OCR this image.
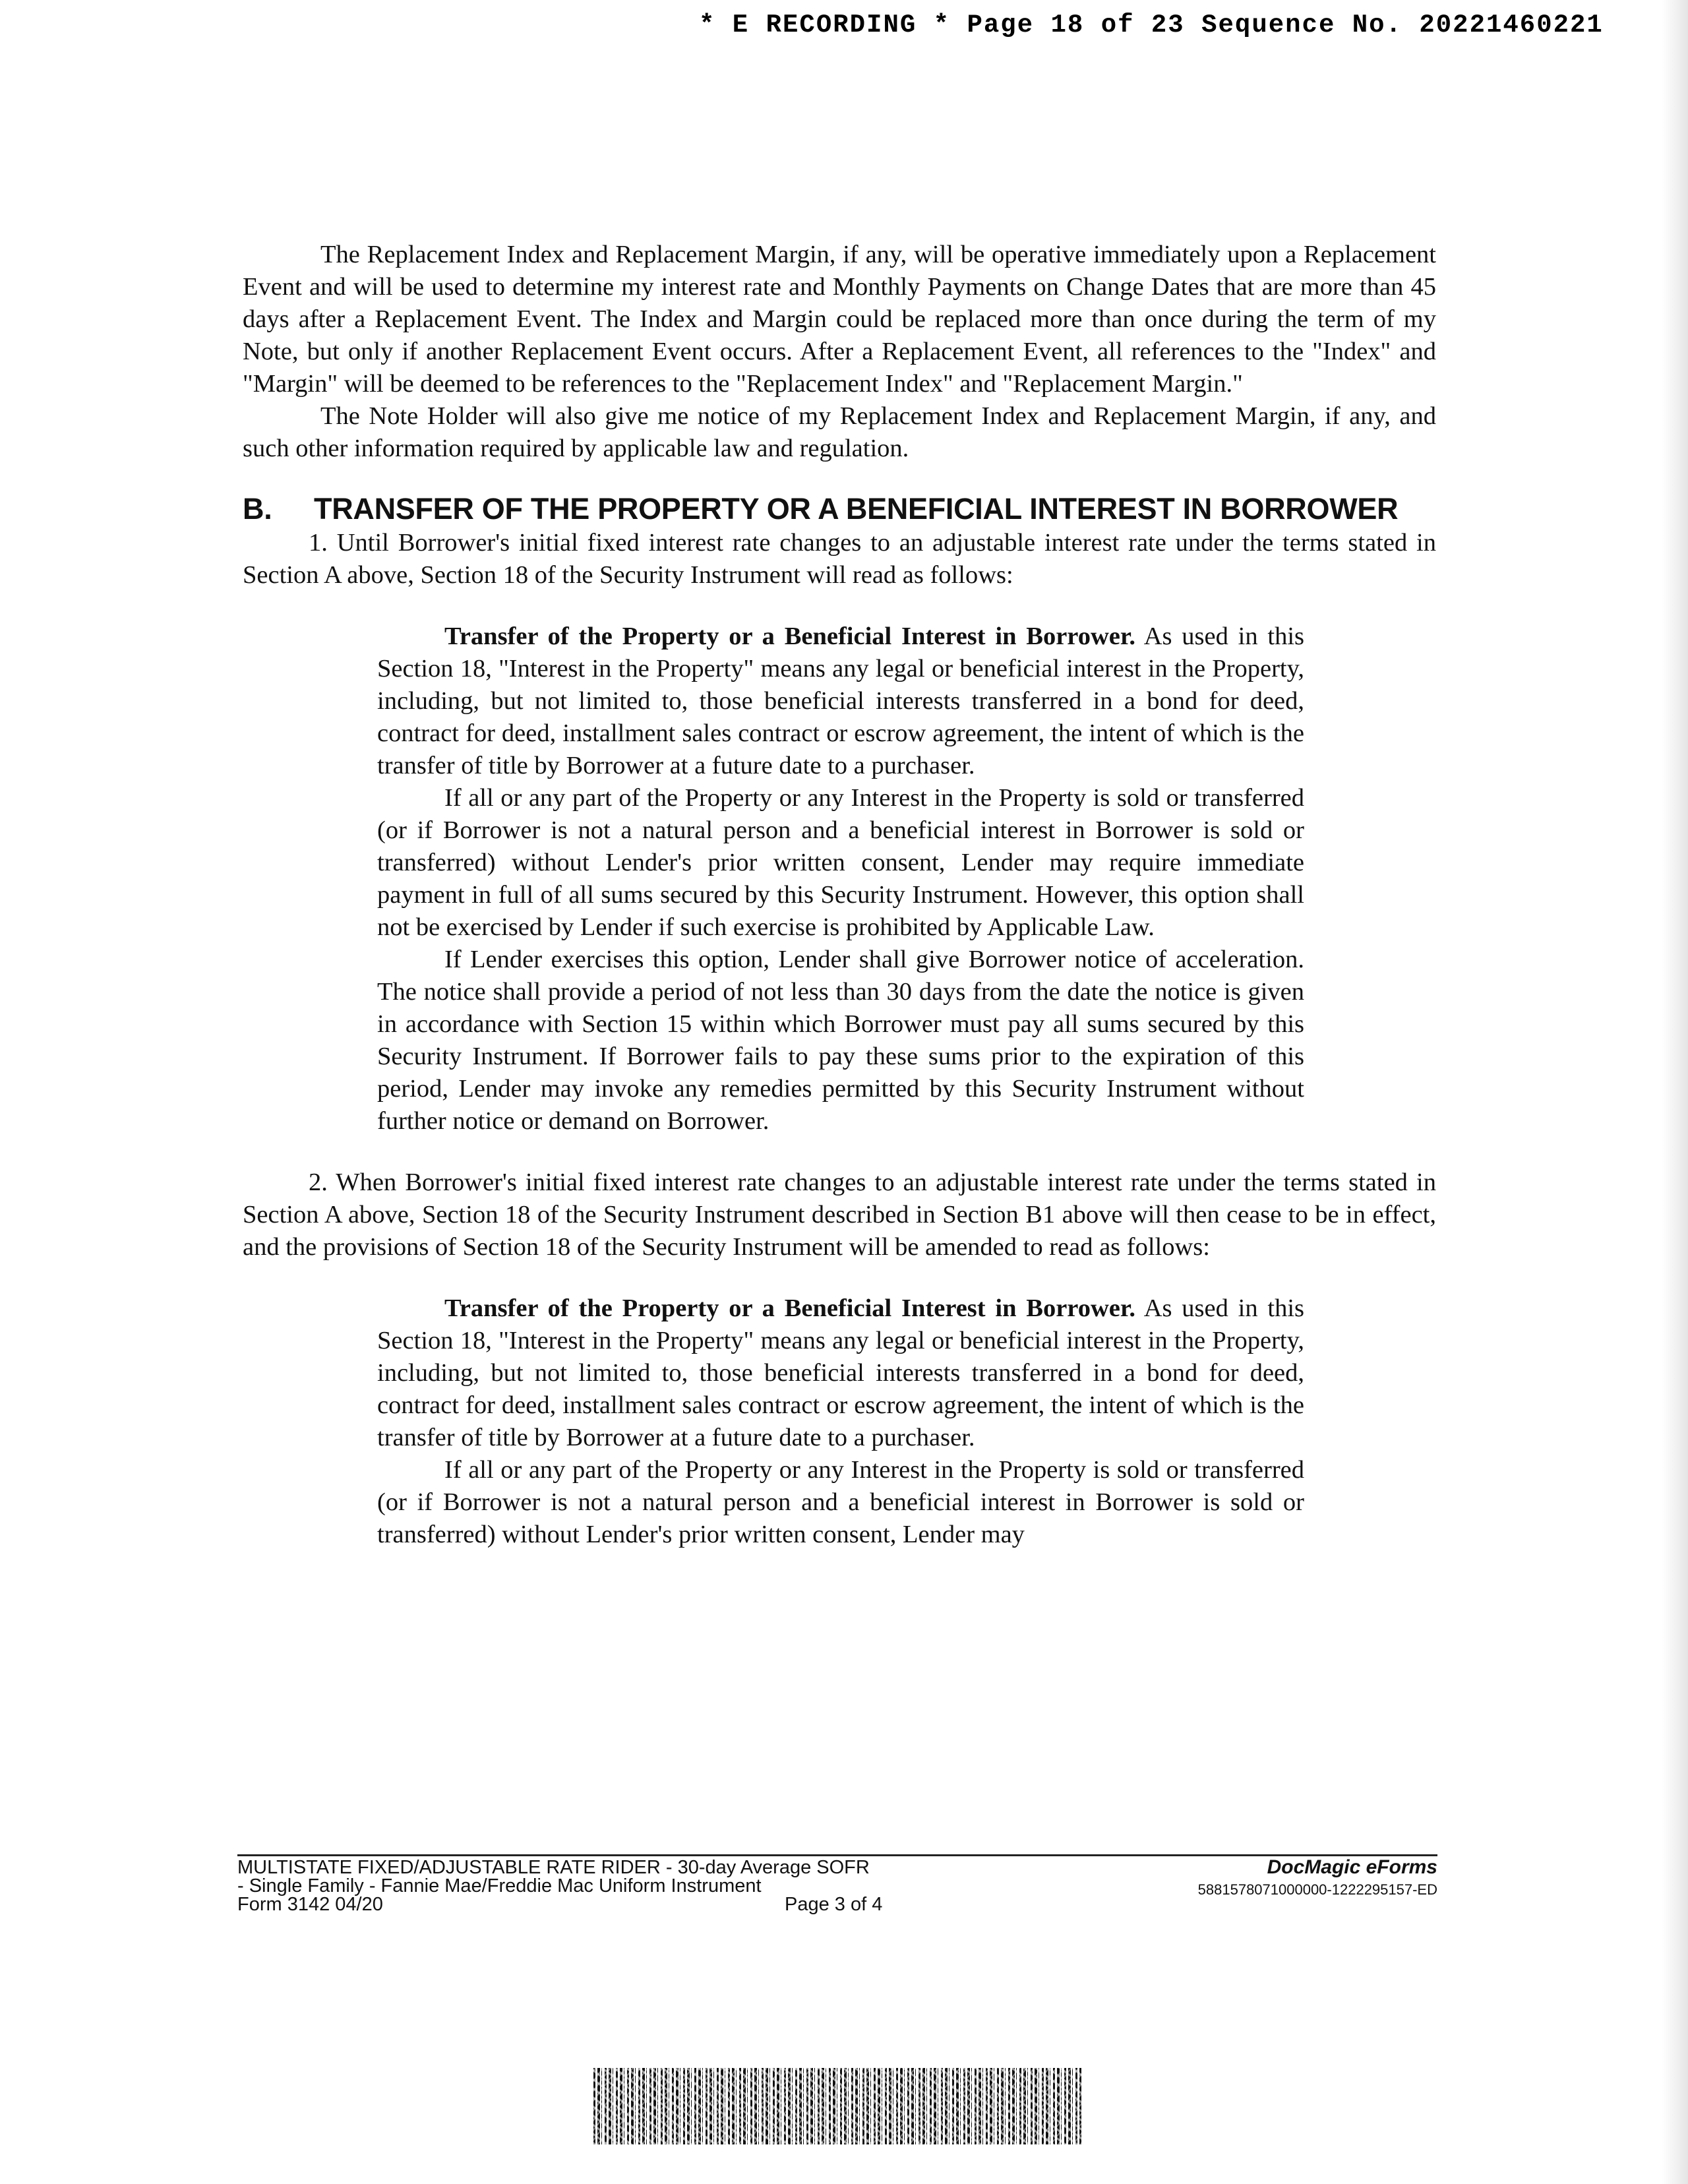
* E RECORDING * Page 18 of 23 Sequence No. 20221460221

The Replacement Index and Replacement Margin, if any, will be operative immediately upon a Replacement Event and will be used to determine my interest rate and Monthly Payments on Change Dates that are more than 45 days after a Replacement Event. The Index and Margin could be replaced more than once during the term of my Note, but only if another Replacement Event occurs. After a Replacement Event, all references to the "Index" and "Margin" will be deemed to be references to the "Replacement Index" and "Replacement Margin."

The Note Holder will also give me notice of my Replacement Index and Replacement Margin, if any, and such other information required by applicable law and regulation.

B.	TRANSFER OF THE PROPERTY OR A BENEFICIAL INTEREST IN BORROWER

1. Until Borrower's initial fixed interest rate changes to an adjustable interest rate under the terms stated in Section A above, Section 18 of the Security Instrument will read as follows:

Transfer of the Property or a Beneficial Interest in Borrower. As used in this Section 18, "Interest in the Property" means any legal or beneficial interest in the Property, including, but not limited to, those beneficial interests transferred in a bond for deed, contract for deed, installment sales contract or escrow agreement, the intent of which is the transfer of title by Borrower at a future date to a purchaser.

If all or any part of the Property or any Interest in the Property is sold or transferred (or if Borrower is not a natural person and a beneficial interest in Borrower is sold or transferred) without Lender's prior written consent, Lender may require immediate payment in full of all sums secured by this Security Instrument. However, this option shall not be exercised by Lender if such exercise is prohibited by Applicable Law.

If Lender exercises this option, Lender shall give Borrower notice of acceleration. The notice shall provide a period of not less than 30 days from the date the notice is given in accordance with Section 15 within which Borrower must pay all sums secured by this Security Instrument. If Borrower fails to pay these sums prior to the expiration of this period, Lender may invoke any remedies permitted by this Security Instrument without further notice or demand on Borrower.

2. When Borrower's initial fixed interest rate changes to an adjustable interest rate under the terms stated in Section A above, Section 18 of the Security Instrument described in Section B1 above will then cease to be in effect, and the provisions of Section 18 of the Security Instrument will be amended to read as follows:

Transfer of the Property or a Beneficial Interest in Borrower. As used in this Section 18, "Interest in the Property" means any legal or beneficial interest in the Property, including, but not limited to, those beneficial interests transferred in a bond for deed, contract for deed, installment sales contract or escrow agreement, the intent of which is the transfer of title by Borrower at a future date to a purchaser.

If all or any part of the Property or any Interest in the Property is sold or transferred (or if Borrower is not a natural person and a beneficial interest in Borrower is sold or transferred) without Lender's prior written consent, Lender may

MULTISTATE FIXED/ADJUSTABLE RATE RIDER - 30-day Average SOFR
- Single Family - Fannie Mae/Freddie Mac Uniform Instrument
Form 3142 04/20	Page 3 of 4
DocMagic eForms
5881578071000000-1222295157-ED
